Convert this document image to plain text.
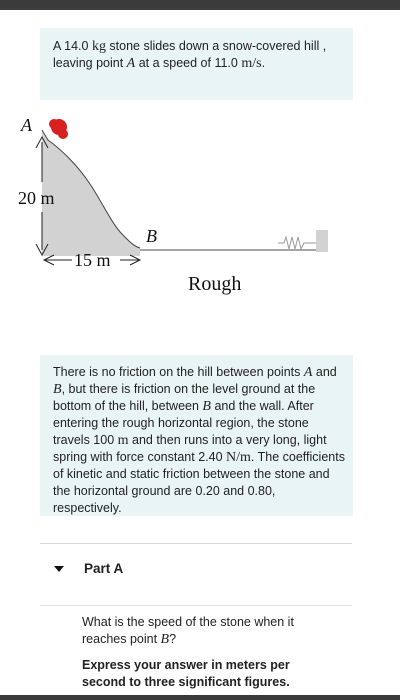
A 14.0 kg stone slides down a snow-covered hill , leaving point A at a speed of 11.0 m/s.
A
20 m
B
15 m
Rough
There is no friction on the hill between points A and B, but there is friction on the level ground at the bottom of the hill, between B and the wall. After entering the rough horizontal region, the stone travels 100 m and then runs into a very long, light spring with force constant 2.40 N/m. The coefficients of kinetic and static friction between the stone and the horizontal ground are 0.20 and 0.80, respectively.
Part A
What is the speed of the stone when it reaches point B?
Express your answer in meters per second to three significant figures.
